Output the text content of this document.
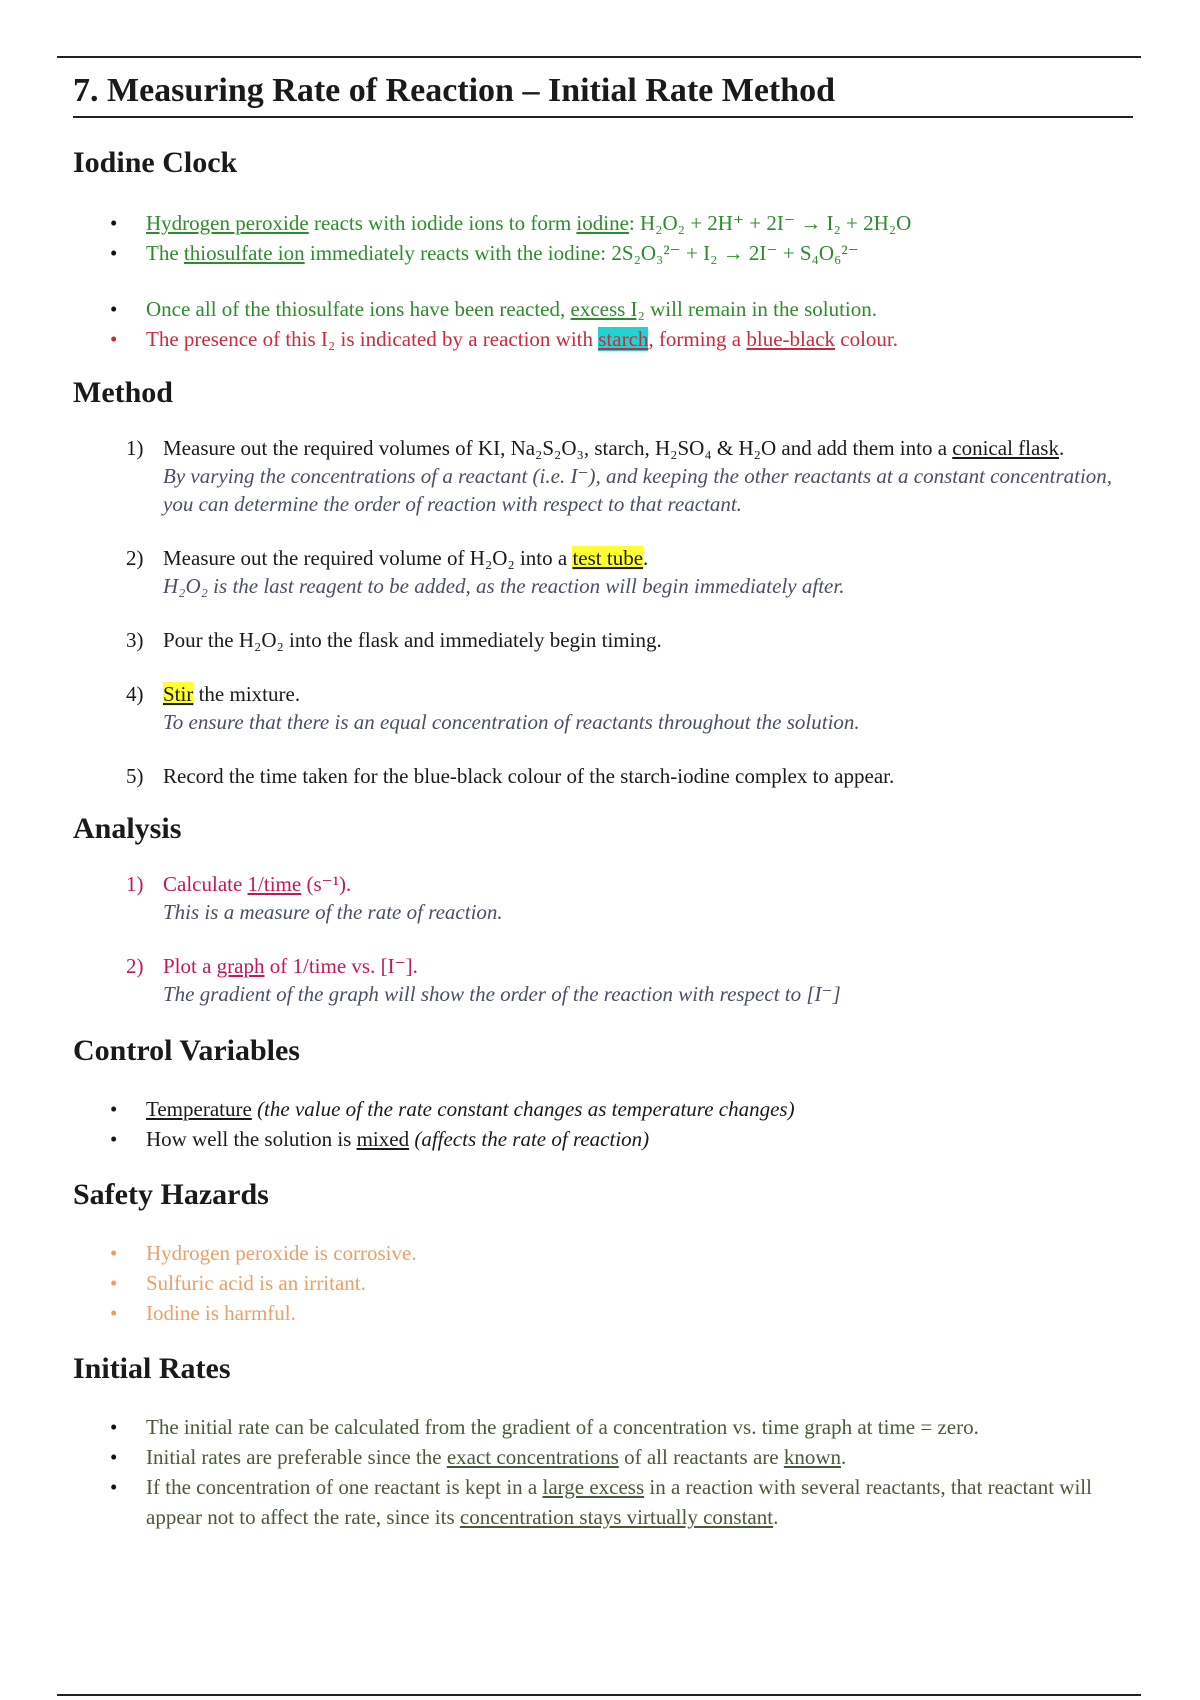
7. Measuring Rate of Reaction – Initial Rate Method
Iodine Clock
• Hydrogen peroxide reacts with iodide ions to form iodine: H₂O₂ + 2H⁺ + 2I⁻ → I₂ + 2H₂O
• The thiosulfate ion immediately reacts with the iodine: 2S₂O₃²⁻ + I₂ → 2I⁻ + S₄O₆²⁻
• Once all of the thiosulfate ions have been reacted, excess I₂ will remain in the solution.
• The presence of this I₂ is indicated by a reaction with starch, forming a blue-black colour.
Method
1) Measure out the required volumes of KI, Na₂S₂O₃, starch, H₂SO₄ & H₂O and add them into a conical flask.
By varying the concentrations of a reactant (i.e. I⁻), and keeping the other reactants at a constant concentration, you can determine the order of reaction with respect to that reactant.
2) Measure out the required volume of H₂O₂ into a test tube.
H₂O₂ is the last reagent to be added, as the reaction will begin immediately after.
3) Pour the H₂O₂ into the flask and immediately begin timing.
4) Stir the mixture.
To ensure that there is an equal concentration of reactants throughout the solution.
5) Record the time taken for the blue-black colour of the starch-iodine complex to appear.
Analysis
1) Calculate 1/time (s⁻¹).
This is a measure of the rate of reaction.
2) Plot a graph of 1/time vs. [I⁻].
The gradient of the graph will show the order of the reaction with respect to [I⁻]
Control Variables
• Temperature (the value of the rate constant changes as temperature changes)
• How well the solution is mixed (affects the rate of reaction)
Safety Hazards
• Hydrogen peroxide is corrosive.
• Sulfuric acid is an irritant.
• Iodine is harmful.
Initial Rates
• The initial rate can be calculated from the gradient of a concentration vs. time graph at time = zero.
• Initial rates are preferable since the exact concentrations of all reactants are known.
• If the concentration of one reactant is kept in a large excess in a reaction with several reactants, that reactant will appear not to affect the rate, since its concentration stays virtually constant.
